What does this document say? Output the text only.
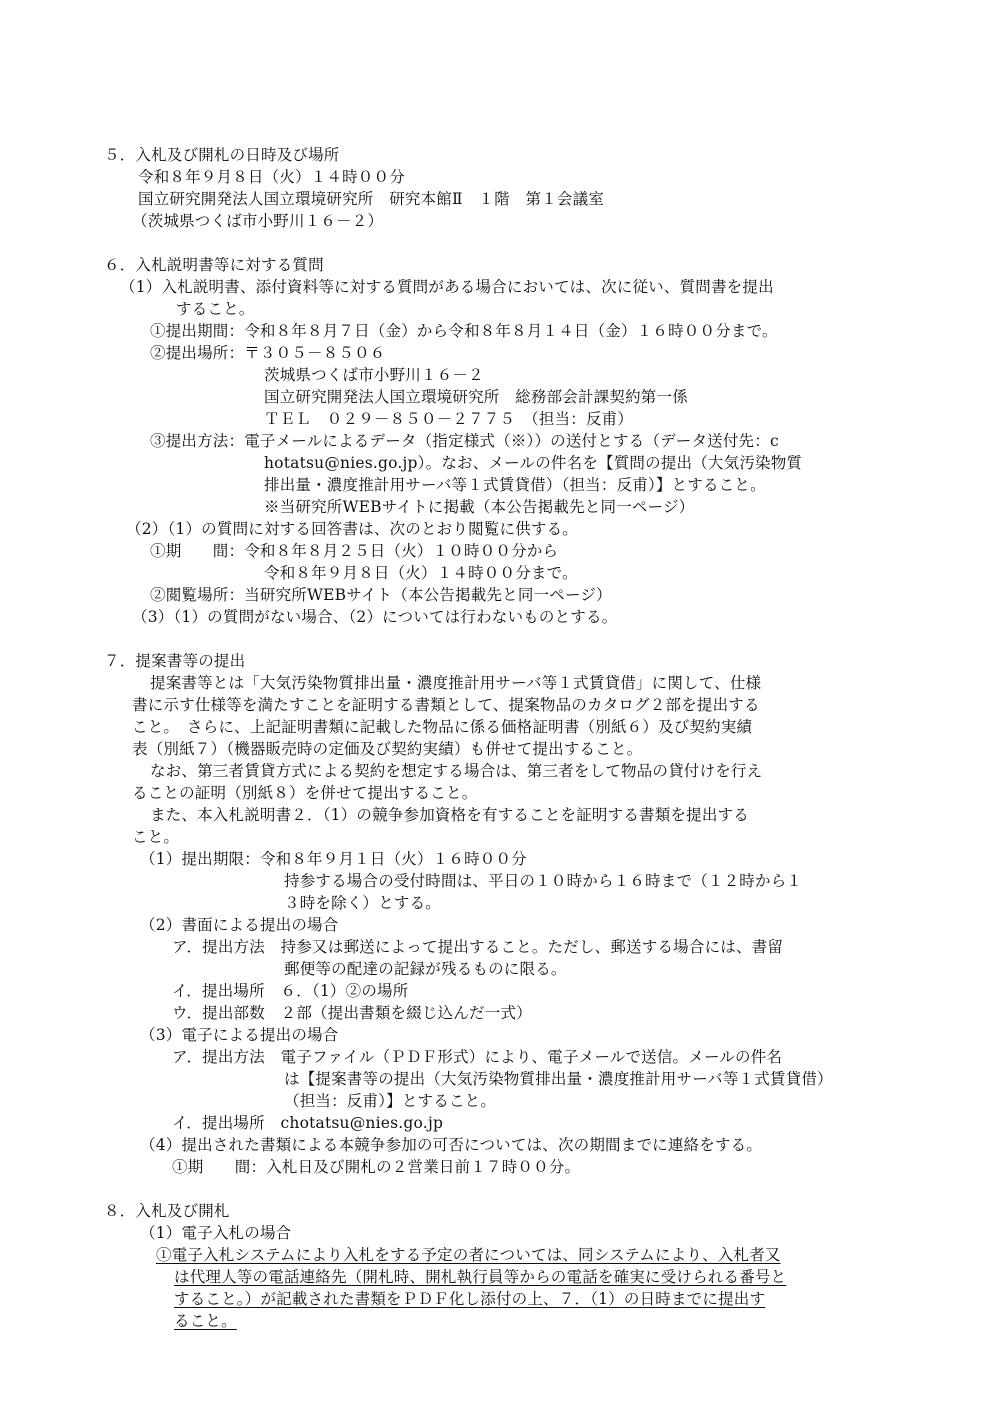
５．入札及び開札の日時及び場所
令和８年９月８日（火）１４時００分
国立研究開発法人国立環境研究所　研究本館Ⅱ　１階　第１会議室
（茨城県つくば市小野川１６－２）
６．入札説明書等に対する質問
（1）入札説明書、添付資料等に対する質問がある場合においては、次に従い、質問書を提出
すること。
①提出期間：令和８年８月７日（金）から令和８年８月１４日（金）１６時００分まで。
②提出場所：〒３０５－８５０６
茨城県つくば市小野川１６－２
国立研究開発法人国立環境研究所　総務部会計課契約第一係
ＴＥＬ　０２９－８５０－２７７５　（担当：反甫）
③提出方法：電子メールによるデータ（指定様式（※））の送付とする（データ送付先：c
hotatsu@nies.go.jp）。なお、メールの件名を【質問の提出（大気汚染物質
排出量・濃度推計用サーバ等１式賃貸借）（担当：反甫）】とすること。
※当研究所WEBサイトに掲載（本公告掲載先と同一ページ）
（2）（1）の質問に対する回答書は、次のとおり閲覧に供する。
①期　　間：令和８年８月２５日（火）１０時００分から
令和８年９月８日（火）１４時００分まで。
②閲覧場所：当研究所WEBサイト（本公告掲載先と同一ページ）
（3）（1）の質問がない場合、（2）については行わないものとする。
７．提案書等の提出
提案書等とは「大気汚染物質排出量・濃度推計用サーバ等１式賃貸借」に関して、仕様
書に示す仕様等を満たすことを証明する書類として、提案物品のカタログ２部を提出する
こと。　さらに、上記証明書類に記載した物品に係る価格証明書（別紙６）及び契約実績
表（別紙７）（機器販売時の定価及び契約実績）も併せて提出すること。
なお、第三者賃貸方式による契約を想定する場合は、第三者をして物品の貸付けを行え
ることの証明（別紙８）を併せて提出すること。
また、本入札説明書２．（1）の競争参加資格を有することを証明する書類を提出する
こと。
（1）提出期限：令和８年９月１日（火）１６時００分
持参する場合の受付時間は、平日の１０時から１６時まで（１２時から１
３時を除く）とする。
（2）書面による提出の場合
ア．提出方法　持参又は郵送によって提出すること。ただし、郵送する場合には、書留
郵便等の配達の記録が残るものに限る。
イ．提出場所　６．（1）②の場所
ウ．提出部数　２部（提出書類を綴じ込んだ一式）
（3）電子による提出の場合
ア．提出方法　電子ファイル（ＰＤＦ形式）により、電子メールで送信。メールの件名
は【提案書等の提出（大気汚染物質排出量・濃度推計用サーバ等１式賃貸借）
（担当：反甫）】とすること。
イ．提出場所　chotatsu@nies.go.jp
（4）提出された書類による本競争参加の可否については、次の期間までに連絡をする。
①期　　間：入札日及び開札の２営業日前１７時００分。
８．入札及び開札
（1）電子入札の場合
①電子入札システムにより入札をする予定の者については、同システムにより、入札者又
は代理人等の電話連絡先（開札時、開札執行員等からの電話を確実に受けられる番号と
すること。）が記載された書類をＰＤＦ化し添付の上、７．（1）の日時までに提出す
ること。
